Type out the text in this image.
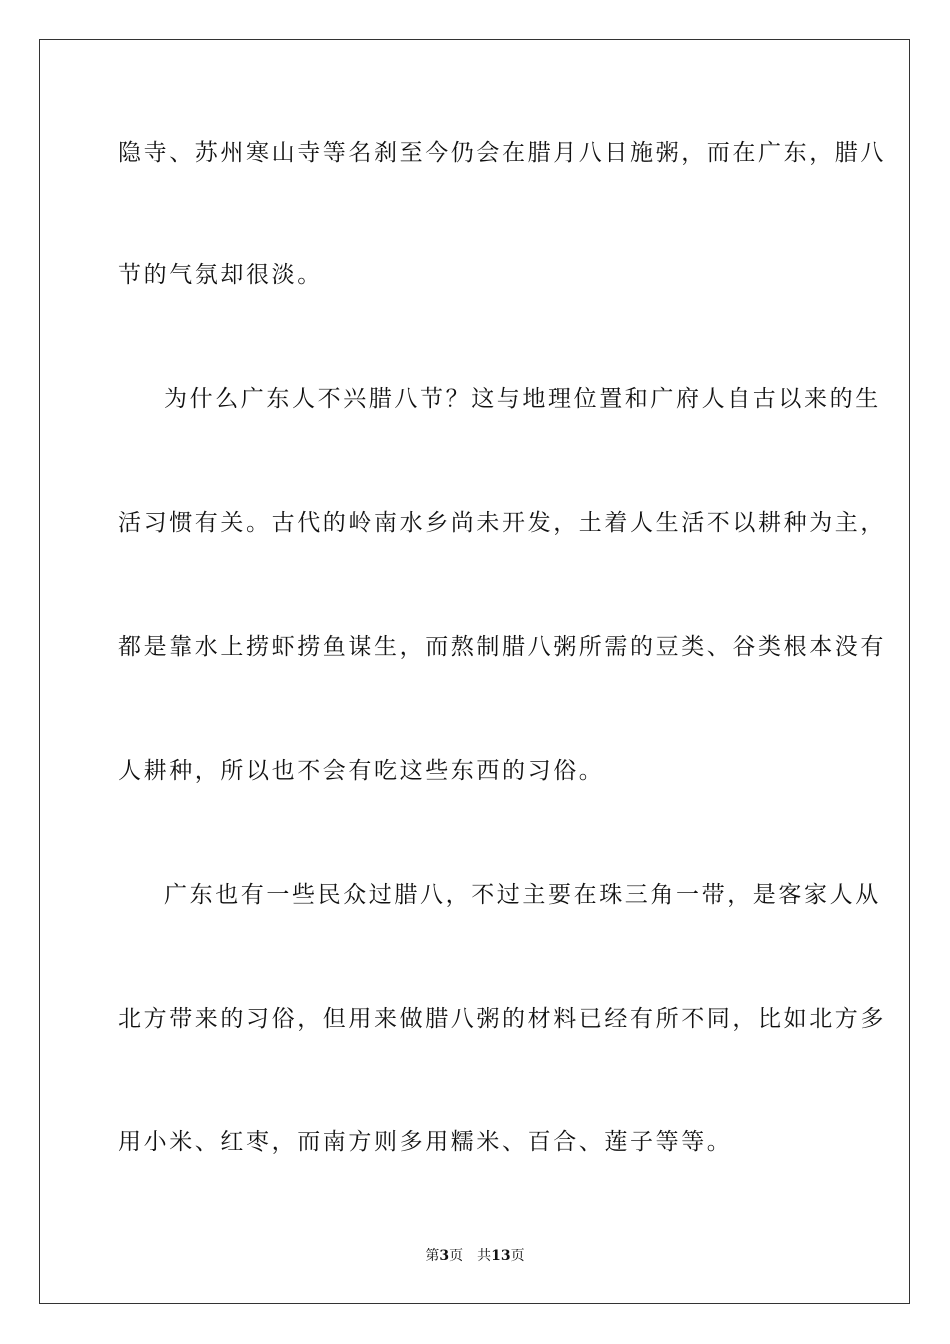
隐寺、苏州寒山寺等名刹至今仍会在腊月八日施粥，而在广东，腊八
节的气氛却很淡。
为什么广东人不兴腊八节？这与地理位置和广府人自古以来的生
活习惯有关。古代的岭南水乡尚未开发，土着人生活不以耕种为主，
都是靠水上捞虾捞鱼谋生，而熬制腊八粥所需的豆类、谷类根本没有
人耕种，所以也不会有吃这些东西的习俗。
广东也有一些民众过腊八，不过主要在珠三角一带，是客家人从
北方带来的习俗，但用来做腊八粥的材料已经有所不同，比如北方多
用小米、红枣，而南方则多用糯米、百合、莲子等等。
第3页 共13页
